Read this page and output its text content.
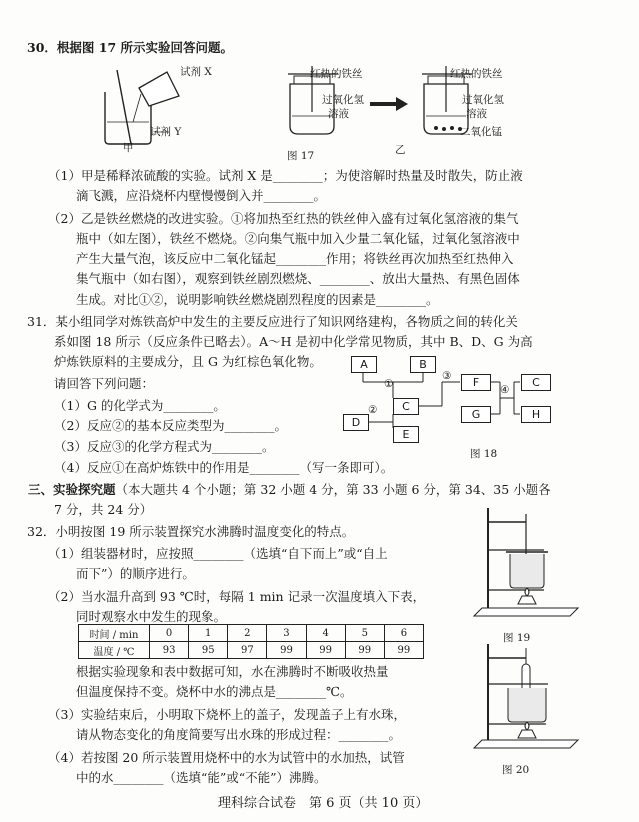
30．根据图 17 所示实验回答问题。
试剂 X
试剂 Y
甲
红热的铁丝
过氧化氢
溶液
红热的铁丝
过氧化氢
溶液
二氧化锰
图 17	乙
（1）甲是稀释浓硫酸的实验。试剂 X 是________；为使溶解时热量及时散失，防止液
滴飞溅，应沿烧杯内壁慢慢倒入并________。
（2）乙是铁丝燃烧的改进实验。①将加热至红热的铁丝伸入盛有过氧化氢溶液的集气
瓶中（如左图），铁丝不燃烧。②向集气瓶中加入少量二氧化锰，过氧化氢溶液中
产生大量气泡，该反应中二氧化锰起________作用；将铁丝再次加热至红热伸入
集气瓶中（如右图），观察到铁丝剧烈燃烧、________、放出大量热、有黑色固体
生成。对比①②，说明影响铁丝燃烧剧烈程度的因素是________。
31．某小组同学对炼铁高炉中发生的主要反应进行了知识网络建构，各物质之间的转化关
系如图 18 所示（反应条件已略去）。A～H 是初中化学常见物质，其中 B、D、G 为高
炉炼铁原料的主要成分，且 G 为红棕色氧化物。
请回答下列问题：
（1）G 的化学式为________。
（2）反应②的基本反应类型为________。
（3）反应③的化学方程式为________。
（4）反应①在高炉炼铁中的作用是________（写一条即可）。
A	B
C
D
E
F
G
C
H
①
②
③
④
图 18
三、实验探究题（本大题共 4 个小题；第 32 小题 4 分，第 33 小题 6 分，第 34、35 小题各
7 分，共 24 分）
32．小明按图 19 所示装置探究水沸腾时温度变化的特点。
（1）组装器材时，应按照________（选填“自下而上”或“自上
而下”）的顺序进行。
（2）当水温升高到 93 ℃时，每隔 1 min 记录一次温度填入下表，
同时观察水中发生的现象。
时间 / min	0	1	2	3	4	5	6
温度 / ℃	93	95	97	99	99	99	99
根据实验现象和表中数据可知，水在沸腾时不断吸收热量
但温度保持不变。烧杯中水的沸点是________℃。
（3）实验结束后，小明取下烧杯上的盖子，发现盖子上有水珠，
请从物态变化的角度简要写出水珠的形成过程：________。
（4）若按图 20 所示装置用烧杯中的水为试管中的水加热，试管
中的水________（选填“能”或“不能”）沸腾。
图 19
图 20
理科综合试卷　第 6 页（共 10 页）
